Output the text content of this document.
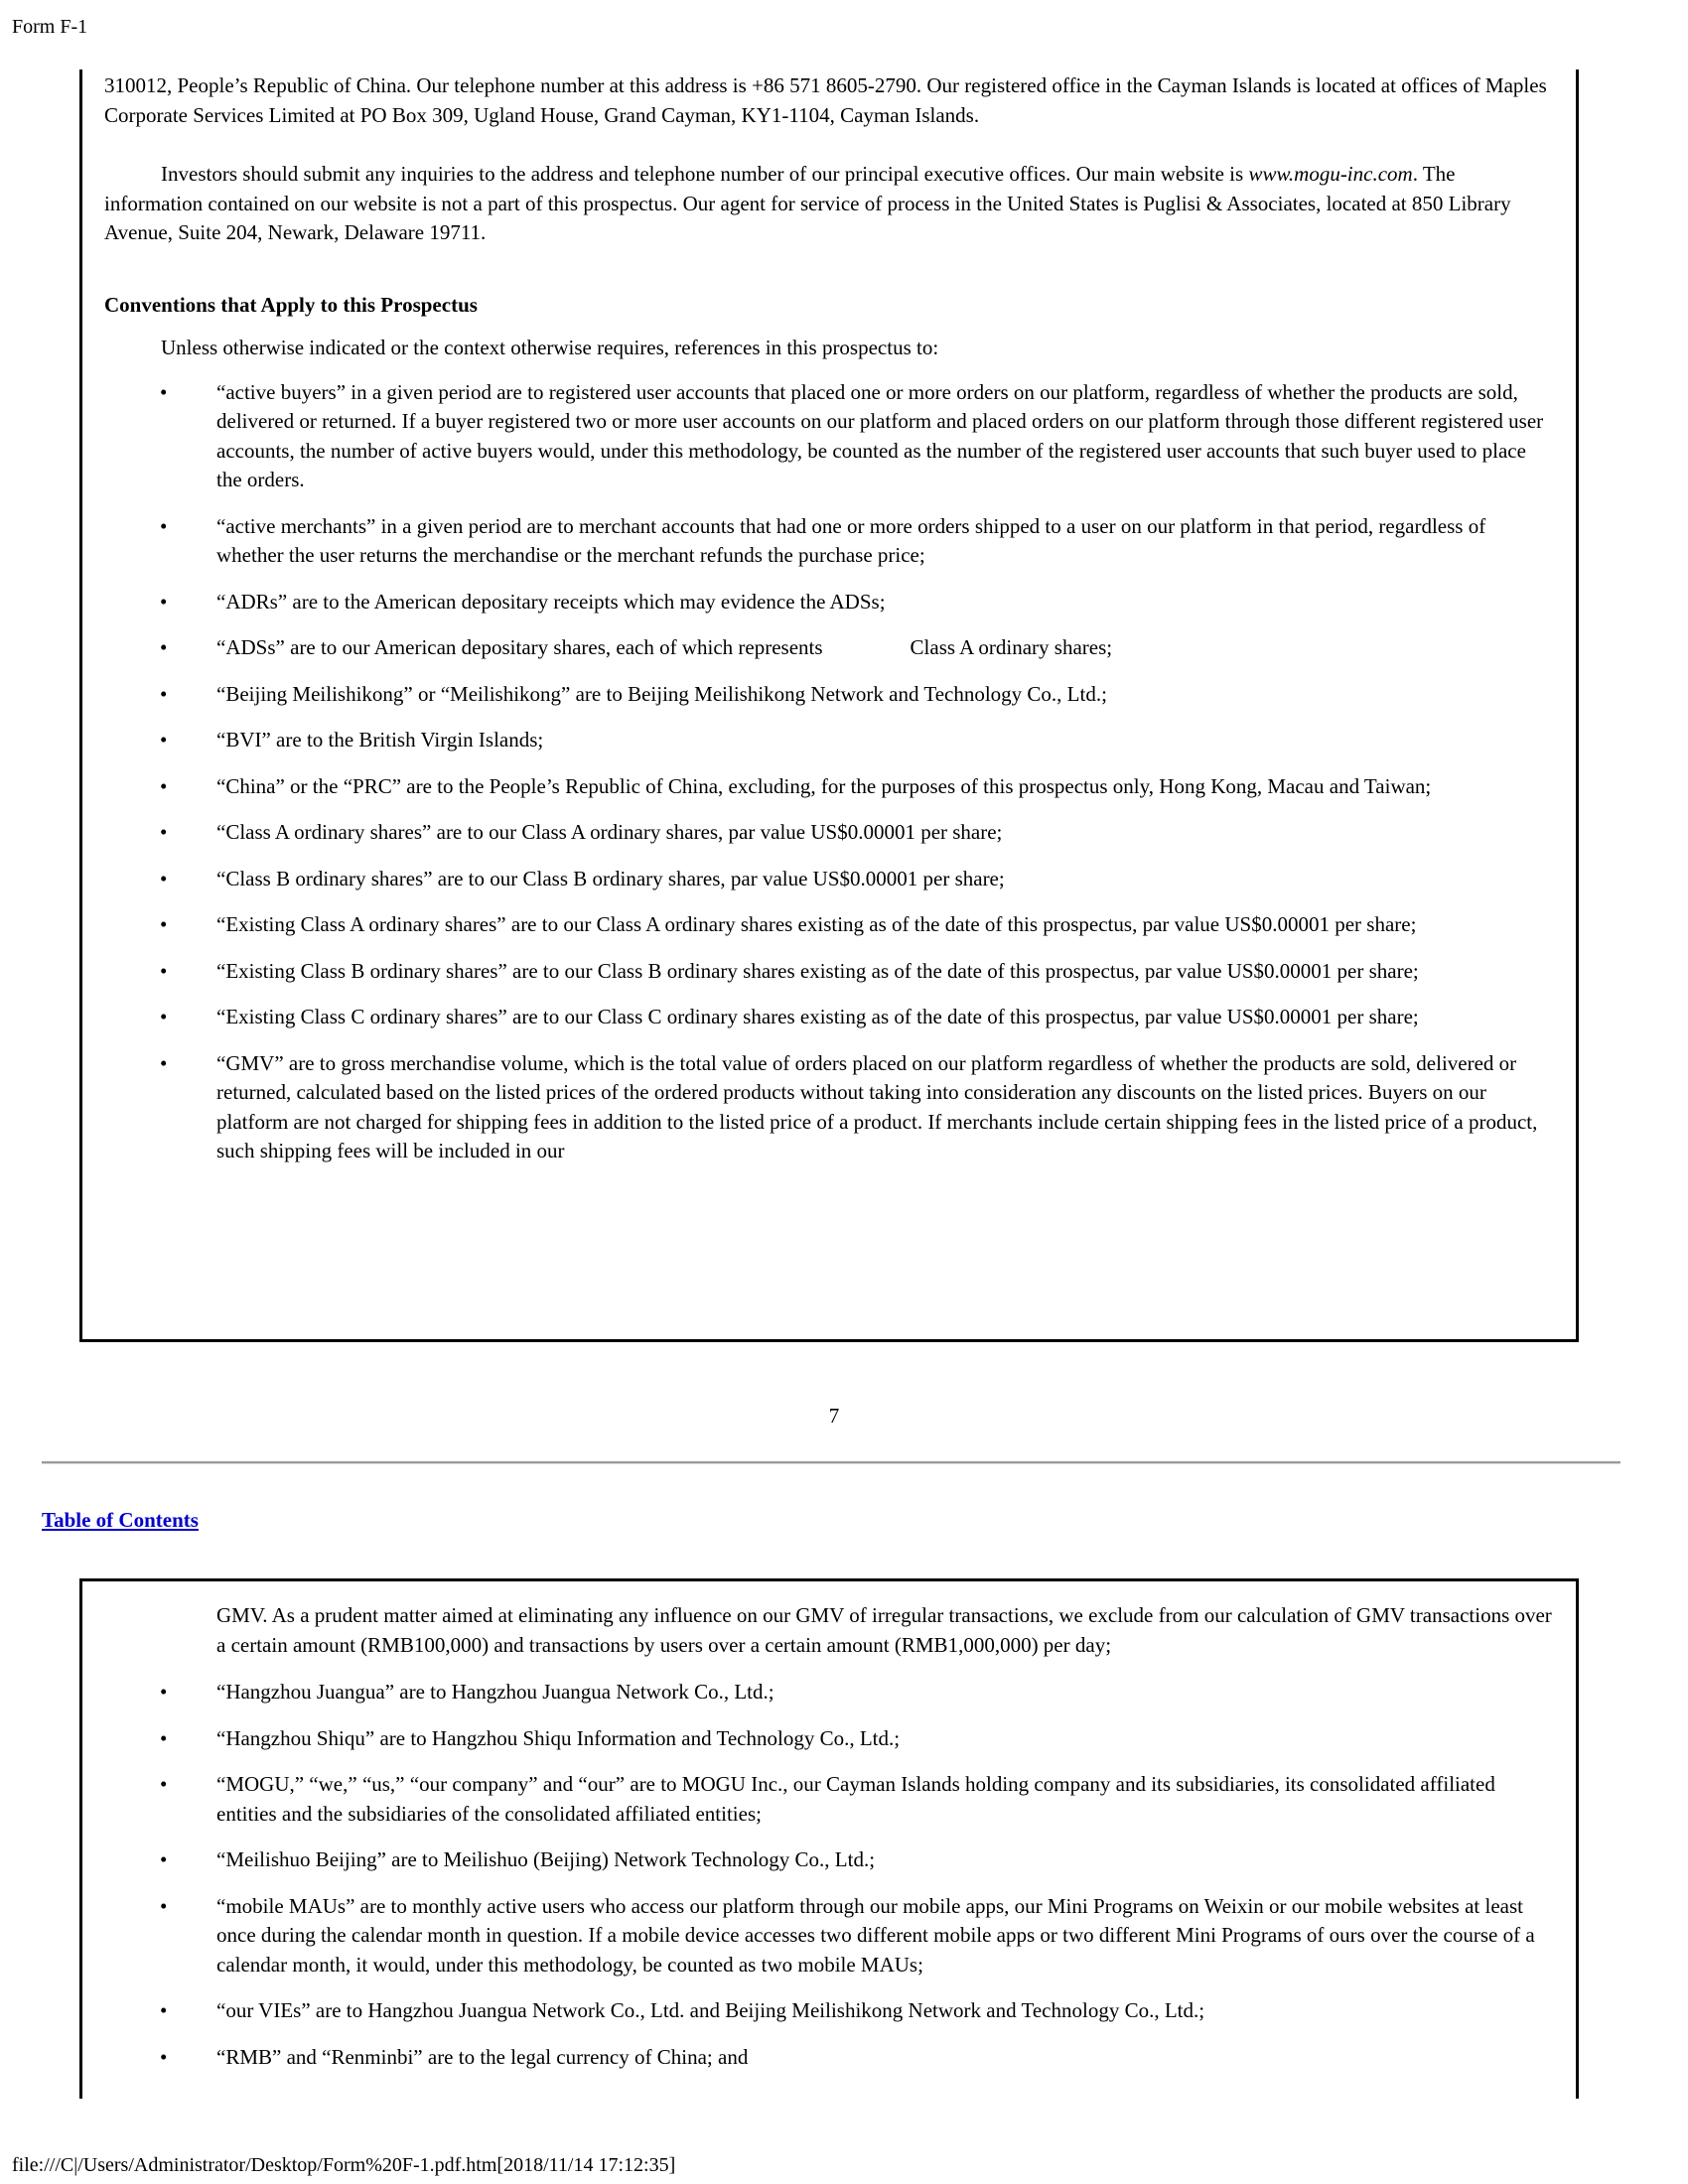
Form F-1

310012, People’s Republic of China. Our telephone number at this address is +86 571 8605-2790. Our registered office in the Cayman Islands is located at offices of Maples Corporate Services Limited at PO Box 309, Ugland House, Grand Cayman, KY1-1104, Cayman Islands.

Investors should submit any inquiries to the address and telephone number of our principal executive offices. Our main website is www.mogu-inc.com. The information contained on our website is not a part of this prospectus. Our agent for service of process in the United States is Puglisi & Associates, located at 850 Library Avenue, Suite 204, Newark, Delaware 19711.

Conventions that Apply to this Prospectus

Unless otherwise indicated or the context otherwise requires, references in this prospectus to:

• “active buyers” in a given period are to registered user accounts that placed one or more orders on our platform, regardless of whether the products are sold, delivered or returned. If a buyer registered two or more user accounts on our platform and placed orders on our platform through those different registered user accounts, the number of active buyers would, under this methodology, be counted as the number of the registered user accounts that such buyer used to place the orders.
• “active merchants” in a given period are to merchant accounts that had one or more orders shipped to a user on our platform in that period, regardless of whether the user returns the merchandise or the merchant refunds the purchase price;
• “ADRs” are to the American depositary receipts which may evidence the ADSs;
• “ADSs” are to our American depositary shares, each of which represents	Class A ordinary shares;
• “Beijing Meilishikong” or “Meilishikong” are to Beijing Meilishikong Network and Technology Co., Ltd.;
• “BVI” are to the British Virgin Islands;
• “China” or the “PRC” are to the People’s Republic of China, excluding, for the purposes of this prospectus only, Hong Kong, Macau and Taiwan;
• “Class A ordinary shares” are to our Class A ordinary shares, par value US$0.00001 per share;
• “Class B ordinary shares” are to our Class B ordinary shares, par value US$0.00001 per share;
• “Existing Class A ordinary shares” are to our Class A ordinary shares existing as of the date of this prospectus, par value US$0.00001 per share;
• “Existing Class B ordinary shares” are to our Class B ordinary shares existing as of the date of this prospectus, par value US$0.00001 per share;
• “Existing Class C ordinary shares” are to our Class C ordinary shares existing as of the date of this prospectus, par value US$0.00001 per share;
• “GMV” are to gross merchandise volume, which is the total value of orders placed on our platform regardless of whether the products are sold, delivered or returned, calculated based on the listed prices of the ordered products without taking into consideration any discounts on the listed prices. Buyers on our platform are not charged for shipping fees in addition to the listed price of a product. If merchants include certain shipping fees in the listed price of a product, such shipping fees will be included in our
7
Table of Contents

GMV. As a prudent matter aimed at eliminating any influence on our GMV of irregular transactions, we exclude from our calculation of GMV transactions over a certain amount (RMB100,000) and transactions by users over a certain amount (RMB1,000,000) per day;

• “Hangzhou Juangua” are to Hangzhou Juangua Network Co., Ltd.;
• “Hangzhou Shiqu” are to Hangzhou Shiqu Information and Technology Co., Ltd.;
• “MOGU,” “we,” “us,” “our company” and “our” are to MOGU Inc., our Cayman Islands holding company and its subsidiaries, its consolidated affiliated entities and the subsidiaries of the consolidated affiliated entities;
• “Meilishuo Beijing” are to Meilishuo (Beijing) Network Technology Co., Ltd.;
• “mobile MAUs” are to monthly active users who access our platform through our mobile apps, our Mini Programs on Weixin or our mobile websites at least once during the calendar month in question. If a mobile device accesses two different mobile apps or two different Mini Programs of ours over the course of a calendar month, it would, under this methodology, be counted as two mobile MAUs;
• “our VIEs” are to Hangzhou Juangua Network Co., Ltd. and Beijing Meilishikong Network and Technology Co., Ltd.;
• “RMB” and “Renminbi” are to the legal currency of China; and
file:///C|/Users/Administrator/Desktop/Form%20F-1.pdf.htm[2018/11/14 17:12:35]
